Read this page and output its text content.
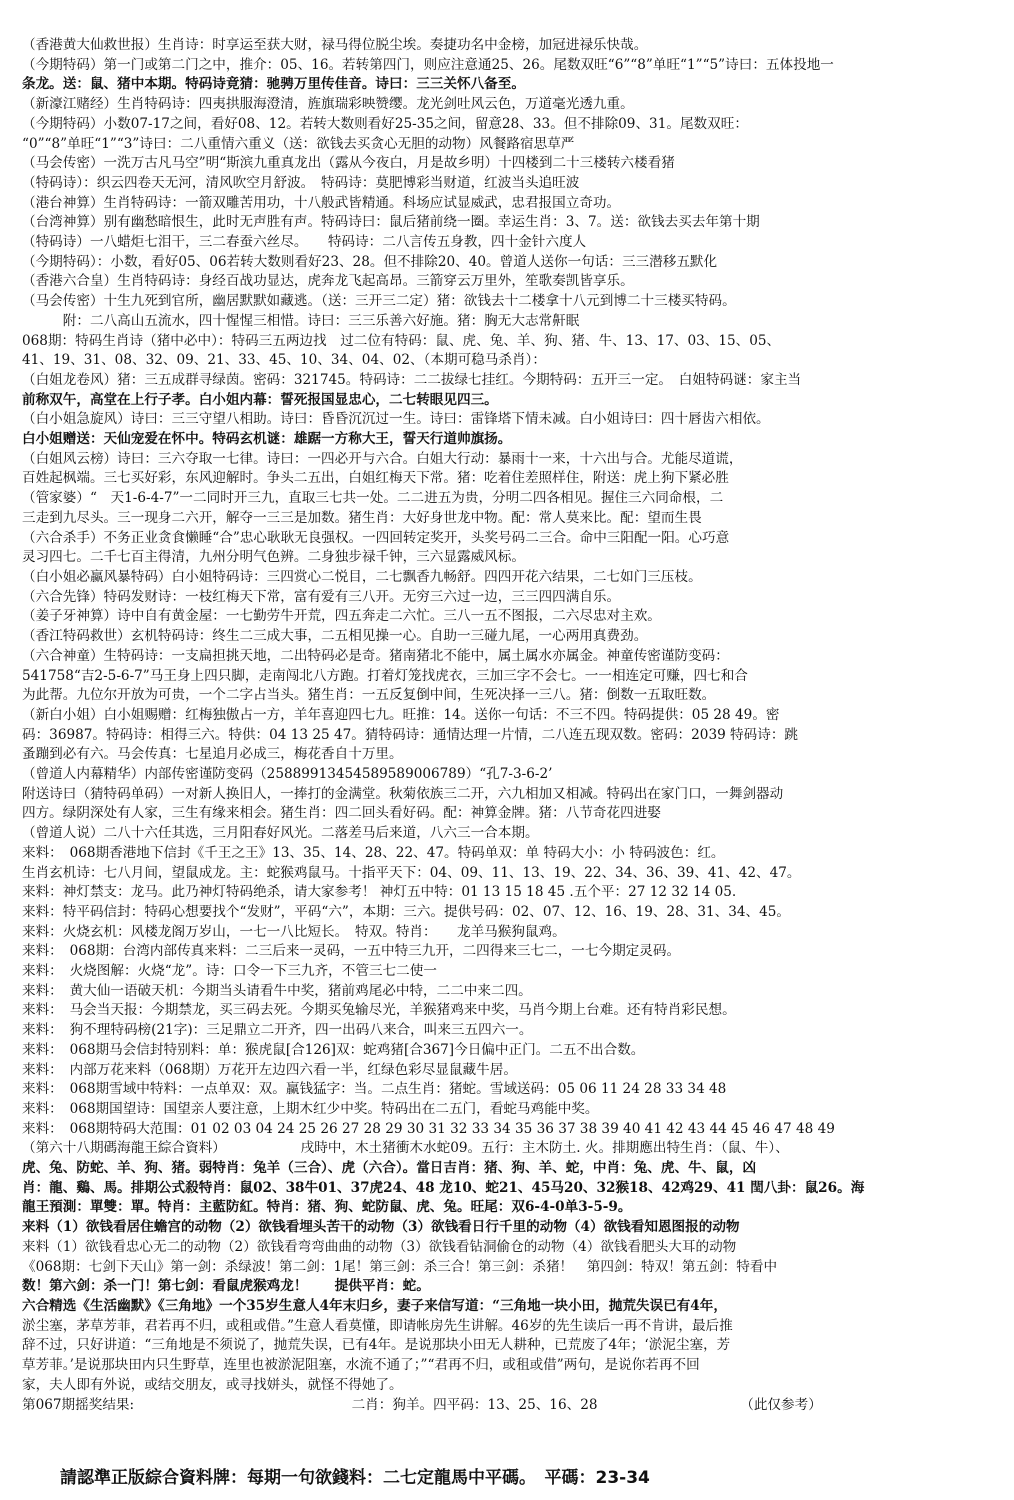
（香港黄大仙救世报）生肖诗：时享运至获大财，禄马得位脱尘埃。奏捷功名中金榜，加冠进禄乐快哉。
（今期特码）第一门或第二门之中，推介：05、16。若转第四门，则应注意通25、26。尾数双旺“6”“8”单旺“1”“5”诗曰：五体投地一
条龙。送：鼠、猪中本期。特码诗竟猜：驰骋万里传佳音。诗曰：三三关怀八备至。
（新濠江赌经）生肖特码诗：四夷拱服海澄清，旌旗瑞彩映赞缨。龙光剑吐风云色，万道毫光透九重。
（今期特码）小数07-17之间，看好08、12。若转大数则看好25-35之间，留意28、33。但不排除09、31。尾数双旺：
“0”“8”单旺“1”“3”诗曰：二八重情六重义（送：欲钱去买贪心无胆的动物）风餐路宿思草严
（马会传密）一洗万古凡马空”明“斯滨九重真龙出（露从今夜白，月是故乡明）十四楼到二十三楼转六楼看猪
（特码诗）：织云四卷天无河，清风吹空月舒波。　特码诗：莫肥博彩当财道，红波当头追旺波
（港台神算）生肖特码诗：一箭双雕苦用功，十八般武皆精通。科场应试显威武，忠君报国立奇功。
（台湾神算）别有幽愁暗恨生，此时无声胜有声。特码诗曰：鼠后猪前绕一圈。幸运生肖：3、7。送：欲钱去买去年第十期
（特码诗）一八蜡炬七泪干，三二春蚕六丝尽。　　特码诗：二八言传五身教，四十金针六度人
（今期特码）：小数，看好05、06若转大数则看好23、28。但不排除20、40。曾道人送你一句话：三三潜移五默化
（香港六合皇）生肖特码诗：身经百战功显达，虎奔龙飞起高昂。三箭穿云万里外，笙歌奏凯皆享乐。
（马会传密）十生九死到官所，幽居默默如藏逃。（送：三开三二定）猪：欲钱去十二楼拿十八元到博二十三楼买特码。
　　　附：二八高山五流水，四十惺惺三相惜。诗曰：三三乐善六好施。猪：胸无大志常鼾眠
068期：特码生肖诗（猪中必中）：特码三五两边找　过二位有特码：鼠、虎、兔、羊、狗、猪、牛、13、17、03、15、05、
41、19、31、08、32、09、21、33、45、10、34、04、02、（本期可稳马杀肖）：
（白姐龙卷风）猪：三五成群寻绿茵。密码：321745。特码诗：二二拔绿七挂红。今期特码：五开三一定。　白姐特码谜：家主当
前称双午，高堂在上行子孝。白小姐内幕：誓死报国显忠心，二七转眼见四三。
（白小姐急旋风）诗曰：三三守望八相助。诗曰：昏昏沉沉过一生。诗曰：雷锋塔下情未减。白小姐诗曰：四十唇齿六相依。
白小姐赠送：天仙宠爱在怀中。特码玄机谜：雄踞一方称大王，誓天行道帅旗扬。
（白姐风云榜）诗曰：三六夺取一七律。诗曰：一四必开与六合。白姐大行动：暴雨十一来，十六出与合。尤能尽道谎，
百姓起枫端。三七买好彩，东风迎解时。争头二五出，白姐红梅天下常。猪：吃着住差照样住，附送：虎上狗下紧必胜
（管家婆）“　天1-6-4-7”一二同时开三九，直取三七共一处。二二进五为贵，分明二四各相见。握住三六同命根，二
三走到九尽头。三一现身二六开，解夺一三三是加数。猪生肖：大好身世龙中物。配：常人莫来比。配：望而生畏
（六合杀手）不务正业贪食懒睡“合”忠心耿耿无良强权。一四回转定奖开，头奖号码二三合。命中三阳配一阳。心巧意
灵习四七。二千七百主得清，九州分明气色辨。二身独步禄千钟，三六显露威风标。
（白小姐必赢风暴特码）白小姐特码诗：三四赏心二悦目，二七飘香九畅舒。四四开花六结果，二七如门三压枝。
（六合先锋）特码发财诗：一枝红梅天下常，富有爱有三八开。无穷三六过一边，三三四四满自乐。
（姜子牙神算）诗中自有黄金屋：一七勤劳牛开荒，四五奔走二六忙。三八一五不图报，二六尽忠对主欢。
（香江特码救世）玄机特码诗：终生二三成大事，二五相见操一心。自助一三碰九尾，一心两用真费劲。
（六合神童）生特码诗：一支扁担挑天地，二出特码必是奇。猪南猪北不能中，属土属水亦属金。神童传密谨防变码：
541758“吉2-5-6-7”马王身上四只脚，走南闯北八方跑。打着灯笼找虎衣，三加三字不会七。一一相连定可赚，四七和合
为此帮。九位尔开放为可贵，一个二字占当头。猪生肖：一五反复倒中间，生死决择一三八。猪：倒数一五取旺数。
（新白小姐）白小姐赐赠：红梅独傲占一方，羊年喜迎四七九。旺推：14。送你一句话：不三不四。特码提供：05 28 49。密
码：36987。特码诗：相得三六。特供：04 13 25 47。猜特码诗：通情达理一片情，二八连五现双数。密码：2039 特码诗：跳
蚤蹦到必有六。马会传真：七星追月必成三，梅花香自十万里。
（曾道人内幕精华）内部传密谨防变码（25889913454589589006789）“孔7-3-6-2’
附送诗曰（猜特码单码）一对新人换旧人，一捧打的金满堂。秋菊依族三二开，六九相加又相减。特码出在家门口，一舞剑器动
四方。绿阴深处有人家，三生有缘来相会。猪生肖：四二回头看好码。配：神算金牌。猪：八节奇花四进娶
（曾道人说）二八十六任其选，三月阳春好风光。二落差马后来道，八六三一合本期。
来料：　068期香港地下信封《千王之王》13、35、14、28、22、47。特码单双：单 特码大小：小 特码波色：红。
生肖玄机诗：七八月间，望鼠成龙。主：蛇猴鸡鼠马。十指平天下：04、09、11、13、19、22、34、36、39、41、42、47。
来料：神灯禁支：龙马。此乃神灯特码绝杀，请大家参考！ 神灯五中特：01 13 15 18 45 .五个平：27 12 32 14 05.
来料：特平码信封：特码心想要找个“发财”，平码“六”，本期：三六。提供号码：02、07、12、16、19、28、31、34、45。
来料：火烧玄机：风楼龙阁万岁山，一七一八比短长。　特双。特肖：　　龙羊马猴狗鼠鸡。
来料：　068期：台湾内部传真来料：二三后来一灵码，一五中特三九开，二四得来三七二，一七今期定灵码。
来料：　火烧图解：火烧“龙”。诗：口令一下三九齐，不管三七二使一
来料：　黄大仙一语破天机：今期当头请看牛中奖，猪前鸡尾必中特，二二中来二四。
来料：　马会当天报：今期禁龙，买三码去死。今期买兔输尽光，羊猴猪鸡来中奖，马肖今期上台难。还有特肖彩民想。
来料：　狗不理特码榜(21字)：三足鼎立二开齐，四一出码八来合，叫来三五四六一。
来料：　068期马会信封特别料：单：猴虎鼠[合126]双：蛇鸡猪[合367]今日偏中正门。二五不出合数。
来料：　内部万花来料（068期）万花开左边四六看一半，红绿色彩尽显鼠藏牛居。
来料：　068期雪域中特料：一点单双：双。赢钱猛字：当。二点生肖：猪蛇。雪域送码：05 06 11 24 28 33 34 48
来料：　068期国望诗：国望亲人要注意，上期木红少中奖。特码出在二五门，看蛇马鸡能中奖。
来料：　068期特码大范围：01 02 03 04 24 25 26 27 28 29 30 31 32 33 34 35 36 37 38 39 40 41 42 43 44 45 46 47 48 49
（第六十八期碼海龍王綜合資料）　　　　　　戌時中，木土猪衝木水蛇09。五行：主木防土. 火。排期應出特生肖：（鼠、牛）、
虎、兔、防蛇、羊、狗、猪。弱特肖：兔羊（三合）、虎（六合）。當日吉肖：猪、狗、羊、蛇，中肖：兔、虎、牛、鼠，凶
肖：龍、鷄、馬。排期公式殺特肖：鼠02、38牛01、37虎24、48 龙10、蛇21、45马20、32猴18、42鸡29、41 閏八卦：鼠26。海
龍王預測：單雙：單。特肖：主藍防紅。特肖：猪、狗、蛇防鼠、虎、兔。旺尾：双6-4-0单3-5-9。
来料（1）欲钱看居住蟾宫的动物（2）欲钱看埋头苦干的动物（3）欲钱看日行千里的动物（4）欲钱看知恩图报的动物
来料（1）欲钱看忠心无二的动物（2）欲钱看弯弯曲曲的动物（3）欲钱看钻洞偷仓的动物（4）欲钱看肥头大耳的动物
《068期：七剑下天山》第一剑：杀绿波！第二剑：1尾！第三剑：杀三合！第三剑：杀猪！　第四剑：特双！第五剑：特看中
数！第六剑：杀一门！第七剑：看鼠虎猴鸡龙！　　提供平肖：蛇。
六合精选《生活幽默》《三角地》一个35岁生意人4年末归乡，妻子来信写道：“三角地一块小田，抛荒失误已有4年，
淤尘塞，茅草芳菲，君若再不归，或租或借。”生意人看莫懂，即请帐房先生讲解。46岁的先生读后一再不肯讲，最后推
辞不过，只好讲道：“三角地是不须说了，抛荒失误，已有4年。是说那块小田无人耕种，已荒废了4年；‘淤泥尘塞，芳
草芳菲。’是说那块田内只生野草，连里也被淤泥阻塞，水流不通了；”“君再不归，或租或借”两句，是说你若再不回
家，夫人即有外说，或结交朋友，或寻找姘头，就怪不得她了。
第067期摇奖结果:　　　　　　　　　　　　　　　　二肖：狗羊。四平码：13、25、16、28　　　　　　　　　　　（此仅参考）
請認準正版綜合資料牌：每期一句欲錢料：二七定龍馬中平碼。　平碼：23-34
